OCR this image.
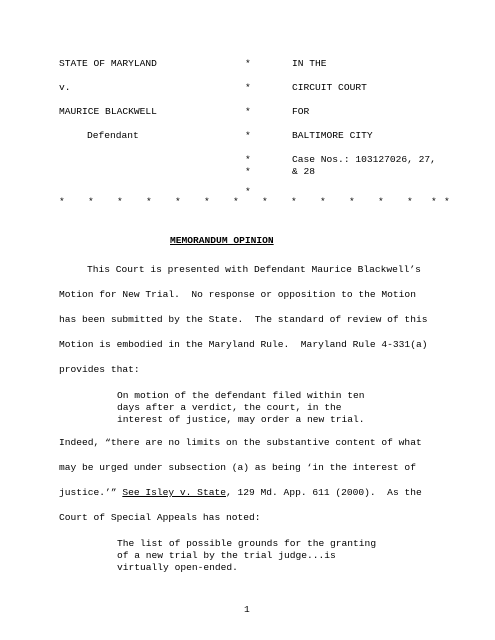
STATE OF MARYLAND
v.
MAURICE BLACKWELL
Defendant
*
*
*
*
*
*
*
IN THE
CIRCUIT COURT
FOR
BALTIMORE CITY
Case Nos.: 103127026, 27,
& 28
* * * * * * * * * * * * * * *
MEMORANDUM OPINION
This Court is presented with Defendant Maurice Blackwell’s
Motion for New Trial.  No response or opposition to the Motion
has been submitted by the State.  The standard of review of this
Motion is embodied in the Maryland Rule.  Maryland Rule 4-331(a)
provides that:
On motion of the defendant filed within ten
days after a verdict, the court, in the
interest of justice, may order a new trial.
Indeed, “there are no limits on the substantive content of what
may be urged under subsection (a) as being ‘in the interest of
justice.’” See Isley v. State, 129 Md. App. 611 (2000).  As the
Court of Special Appeals has noted:
The list of possible grounds for the granting
of a new trial by the trial judge...is
virtually open-ended.
1
